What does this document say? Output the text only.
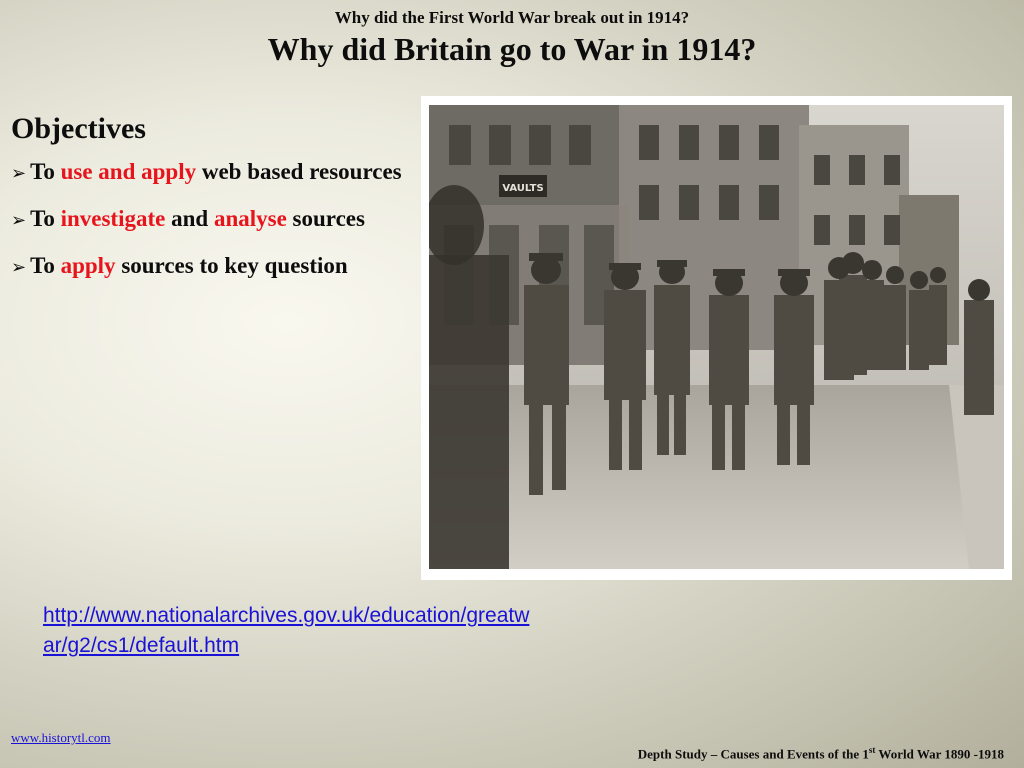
Why did the First World War break out in 1914?
Why did Britain go to War in 1914?
Objectives
➢ To use and apply web based resources
➢ To investigate and analyse sources
➢ To apply sources to key question
VAULTS
http://www.nationalarchives.gov.uk/education/greatwar/g2/cs1/default.htm
www.historytl.com
Depth Study – Causes and Events of the 1st World War 1890 -1918
